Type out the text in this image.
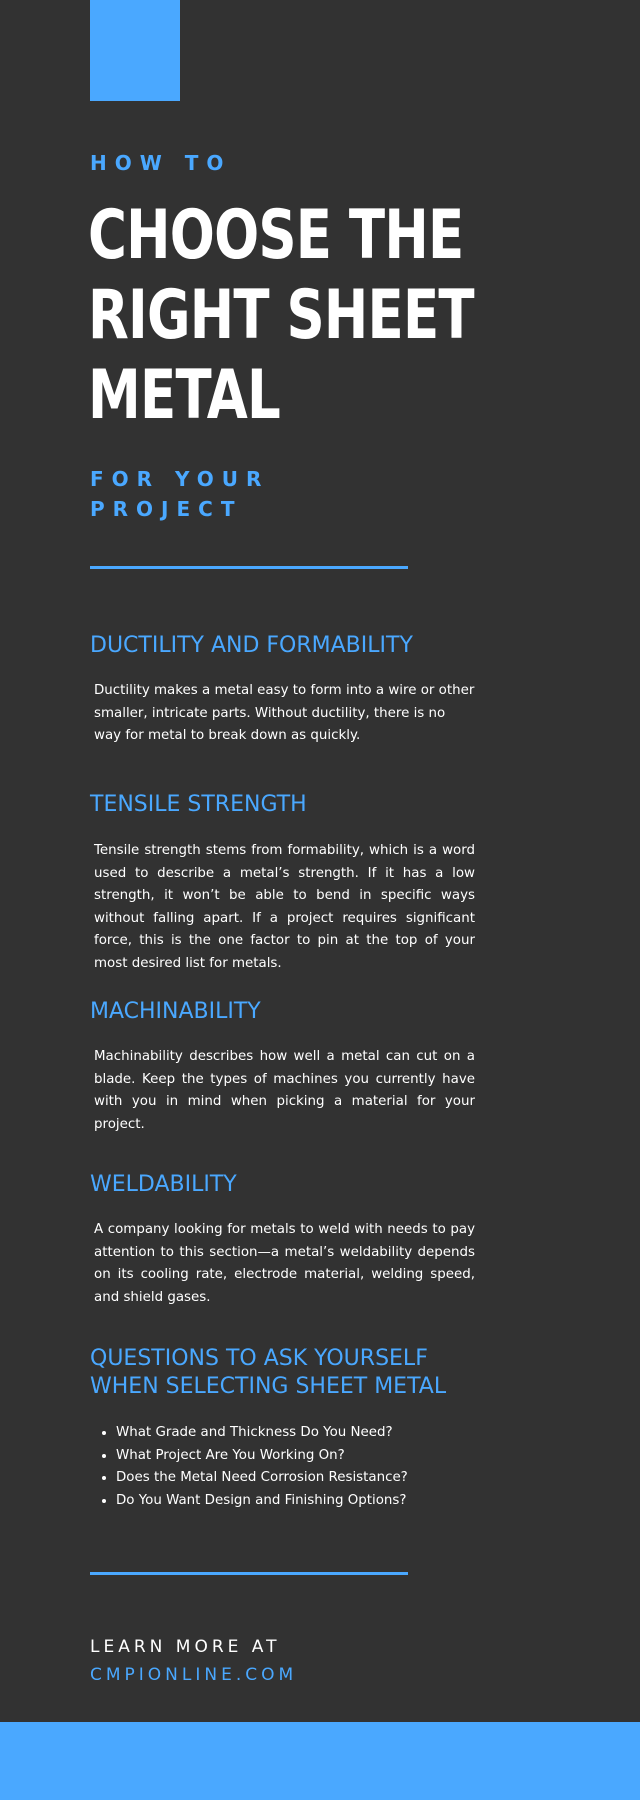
HOW TO

CHOOSE THE
RIGHT SHEET
METAL

FOR YOUR
PROJECT

DUCTILITY AND FORMABILITY

Ductility makes a metal easy to form into a wire or other smaller, intricate parts. Without ductility, there is no way for metal to break down as quickly.

TENSILE STRENGTH

Tensile strength stems from formability, which is a word used to describe a metal’s strength. If it has a low strength, it won’t be able to bend in specific ways without falling apart. If a project requires significant force, this is the one factor to pin at the top of your most desired list for metals.

MACHINABILITY

Machinability describes how well a metal can cut on a blade. Keep the types of machines you currently have with you in mind when picking a material for your project.

WELDABILITY

A company looking for metals to weld with needs to pay attention to this section—a metal’s weldability depends on its cooling rate, electrode material, welding speed, and shield gases.

QUESTIONS TO ASK YOURSELF
WHEN SELECTING SHEET METAL
• What Grade and Thickness Do You Need?
• What Project Are You Working On?
• Does the Metal Need Corrosion Resistance?
• Do You Want Design and Finishing Options?

LEARN MORE AT

CMPIONLINE.COM
